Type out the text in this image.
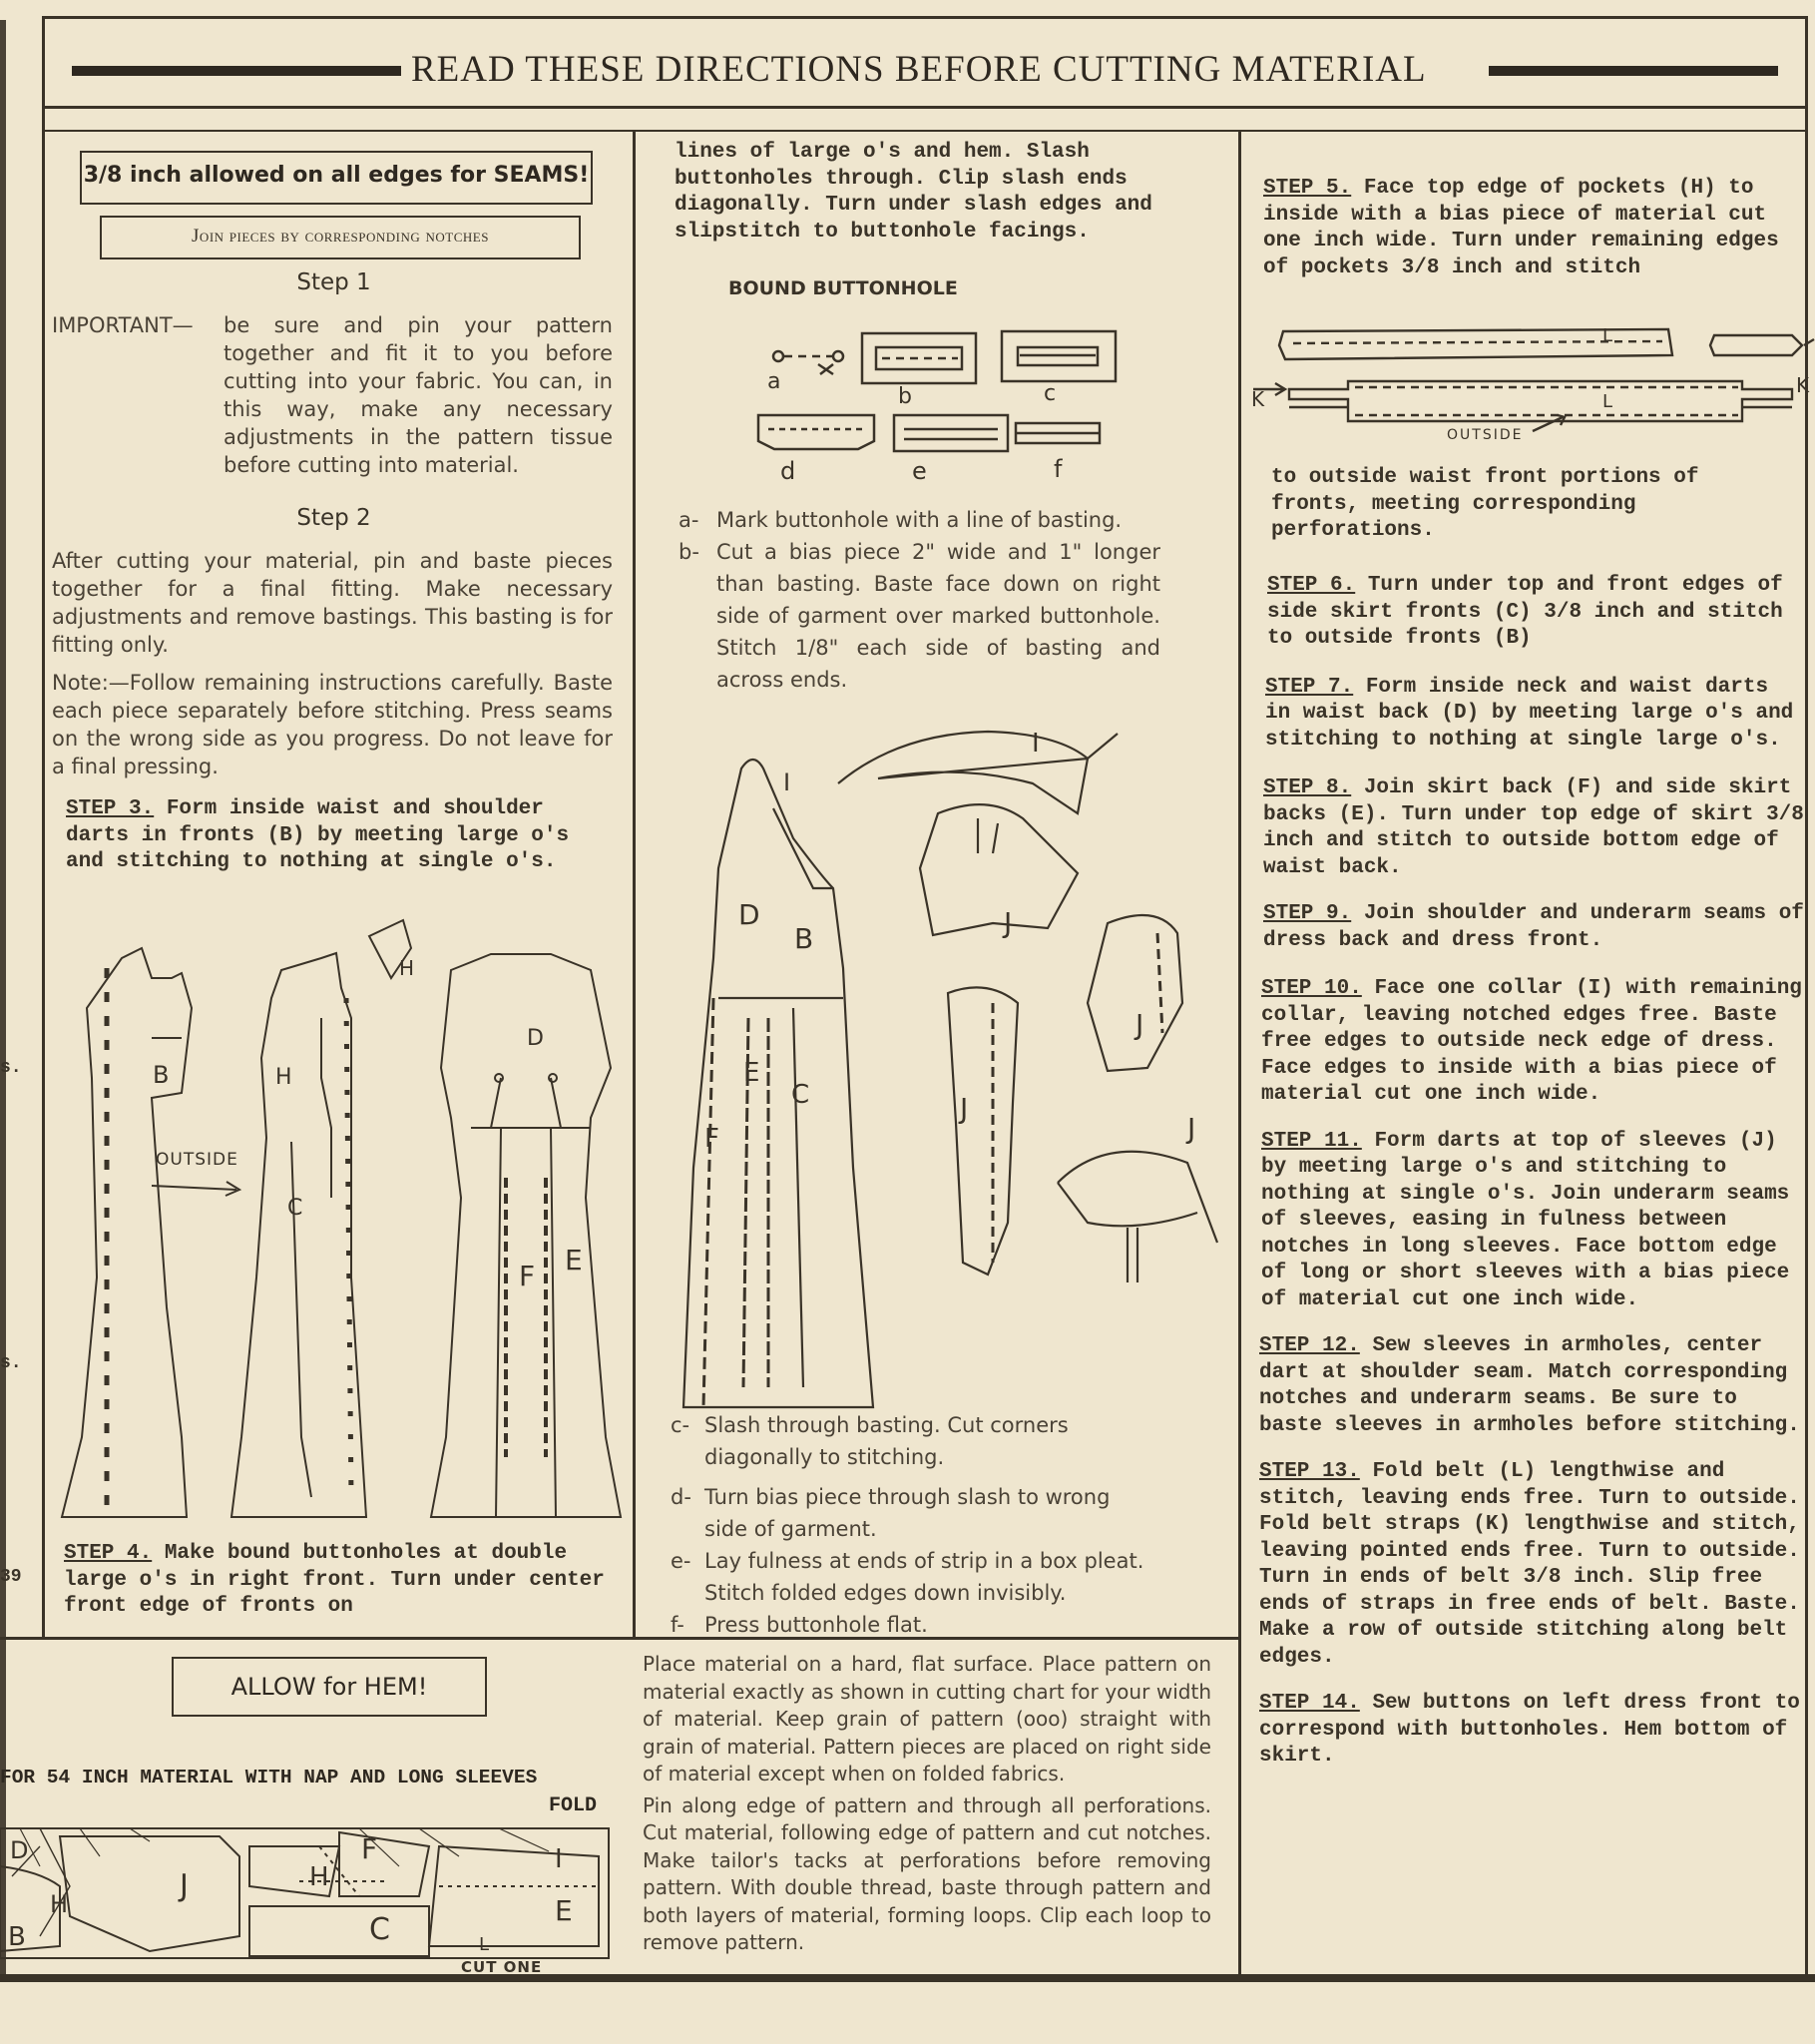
READ THESE DIRECTIONS BEFORE CUTTING MATERIAL
3/8 inch allowed on all edges for SEAMS!
Join pieces by corresponding notches
Step 1
IMPORTANT— be sure and pin your pattern together and fit it to you before cutting into your fabric. You can, in this way, make any necessary adjustments in the pattern tissue before cutting into material.
Step 2
After cutting your material, pin and baste pieces together for a final fitting. Make necessary adjustments and remove bastings. This basting is for fitting only.
Note:—Follow remaining instructions carefully. Baste each piece separately before stitching. Press seams on the wrong side as you progress. Do not leave for a final pressing.
STEP 3. Form inside waist and shoulder darts in fronts (B) by meeting large o's and stitching to nothing at single o's.
B
OUTSIDE
H
C
H
D
F E
STEP 4. Make bound buttonholes at double large o's in right front. Turn under center front edge of fronts on
lines of large o's and hem. Slash buttonholes through. Clip slash ends diagonally. Turn under slash edges and slipstitch to buttonhole facings.
BOUND BUTTONHOLE
a
b	c
d	e	f
a- Mark buttonhole with a line of basting.
b- Cut a bias piece 2" wide and 1" longer than basting. Baste face down on right side of garment over marked buttonhole. Stitch 1/8" each side of basting and across ends.
I
D
B
E
C
F
I
J
J
J
J
c- Slash through basting. Cut corners diagonally to stitching.
d- Turn bias piece through slash to wrong side of garment.
e- Lay fulness at ends of strip in a box pleat. Stitch folded edges down invisibly.
f- Press buttonhole flat.
STEP 5. Face top edge of pockets (H) to inside with a bias piece of material cut one inch wide. Turn under remaining edges of pockets 3/8 inch and stitch
L
K	L
K
OUTSIDE
to outside waist front portions of fronts, meeting corresponding perforations.
STEP 6. Turn under top and front edges of side skirt fronts (C) 3/8 inch and stitch to outside fronts (B)
STEP 7. Form inside neck and waist darts in waist back (D) by meeting large o's and stitching to nothing at single large o's.
STEP 8. Join skirt back (F) and side skirt backs (E). Turn under top edge of skirt 3/8 inch and stitch to outside bottom edge of waist back.
STEP 9. Join shoulder and underarm seams of dress back and dress front.
STEP 10. Face one collar (I) with remaining collar, leaving notched edges free. Baste free edges to outside neck edge of dress. Face edges to inside with a bias piece of material cut one inch wide.
STEP 11. Form darts at top of sleeves (J) by meeting large o's and stitching to nothing at single o's. Join underarm seams of sleeves, easing in fulness between notches in long sleeves. Face bottom edge of long or short sleeves with a bias piece of material cut one inch wide.
STEP 12. Sew sleeves in armholes, center dart at shoulder seam. Match corresponding notches and underarm seams. Be sure to baste sleeves in armholes before stitching.
STEP 13. Fold belt (L) lengthwise and stitch, leaving ends free. Turn to outside. Fold belt straps (K) lengthwise and stitch, leaving pointed ends free. Turn to outside. Turn in ends of belt 3/8 inch. Slip free ends of straps in free ends of belt. Baste. Make a row of outside stitching along belt edges.
STEP 14. Sew buttons on left dress front to correspond with buttonholes. Hem bottom of skirt.
ALLOW for HEM!
FOR 54 INCH MATERIAL WITH NAP AND LONG SLEEVES
FOLD
D
J	H
F	I
B
H
C
E
L
CUT ONE
Place material on a hard, flat surface. Place pattern on material exactly as shown in cutting chart for your width of material. Keep grain of pattern (ooo) straight with grain of material. Pattern pieces are placed on right side of material except when on folded fabrics.
Pin along edge of pattern and through all perforations. Cut material, following edge of pattern and cut notches. Make tailor's tacks at perforations before removing pattern. With double thread, baste through pattern and both layers of material, forming loops. Clip each loop to remove pattern.
s.
s.
39
